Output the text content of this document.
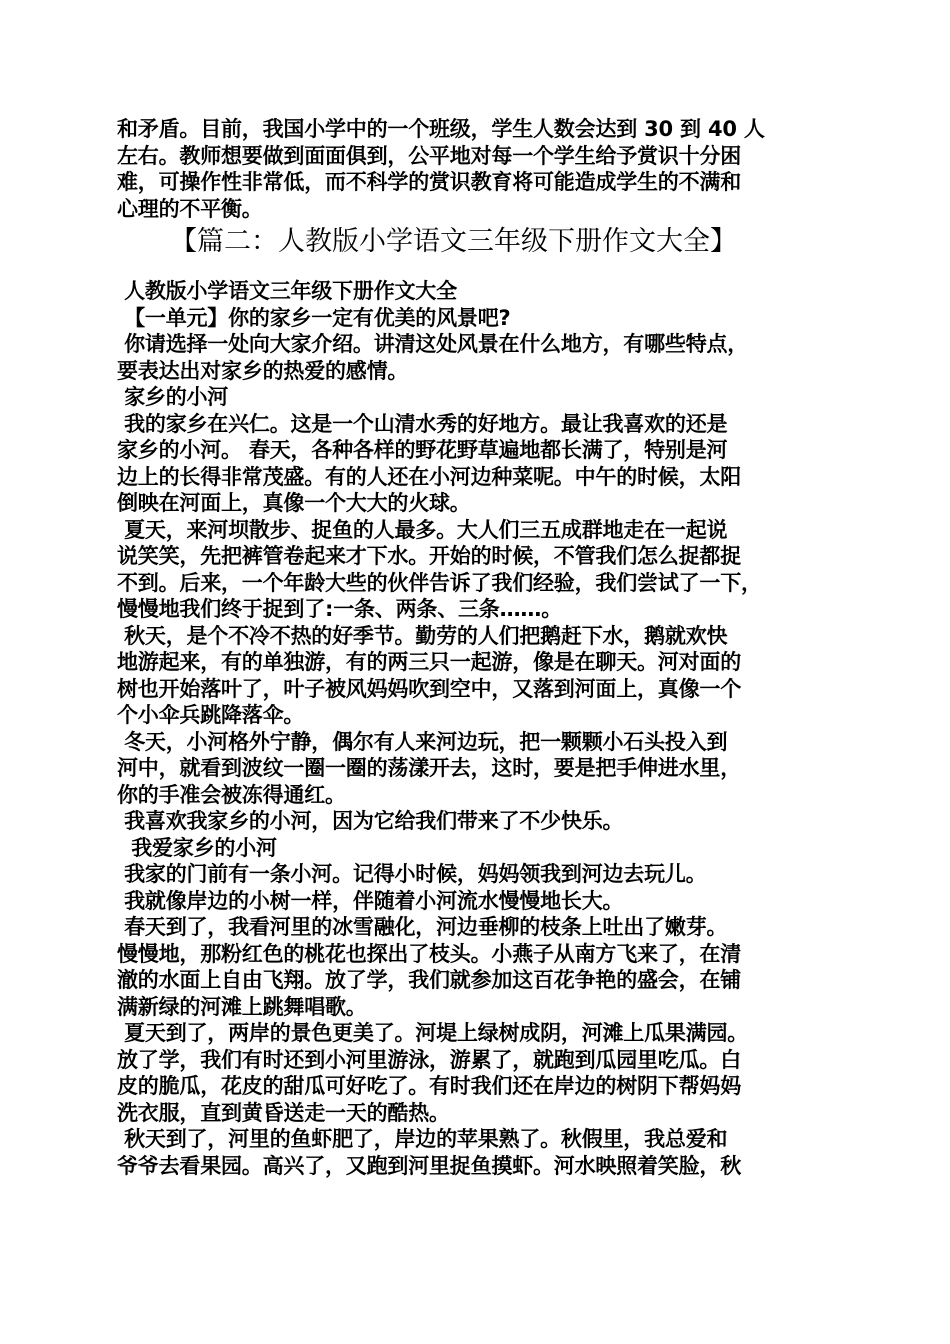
和矛盾。目前，我国小学中的一个班级，学生人数会达到 30 到 40 人
左右。教师想要做到面面俱到，公平地对每一个学生给予赏识十分困
难，可操作性非常低，而不科学的赏识教育将可能造成学生的不满和
心理的不平衡。
【篇二：人教版小学语文三年级下册作文大全】
人教版小学语文三年级下册作文大全
【一单元】你的家乡一定有优美的风景吧?
你请选择一处向大家介绍。讲清这处风景在什么地方，有哪些特点，
要表达出对家乡的热爱的感情。
家乡的小河
我的家乡在兴仁。这是一个山清水秀的好地方。最让我喜欢的还是
家乡的小河。 春天，各种各样的野花野草遍地都长满了，特别是河
边上的长得非常茂盛。有的人还在小河边种菜呢。中午的时候，太阳
倒映在河面上，真像一个大大的火球。
夏天，来河坝散步、捉鱼的人最多。大人们三五成群地走在一起说
说笑笑，先把裤管卷起来才下水。开始的时候，不管我们怎么捉都捉
不到。后来，一个年龄大些的伙伴告诉了我们经验，我们尝试了一下，
慢慢地我们终于捉到了:一条、两条、三条……。
秋天，是个不冷不热的好季节。勤劳的人们把鹅赶下水，鹅就欢快
地游起来，有的单独游，有的两三只一起游，像是在聊天。河对面的
树也开始落叶了，叶子被风妈妈吹到空中，又落到河面上，真像一个
个小伞兵跳降落伞。
冬天，小河格外宁静，偶尔有人来河边玩，把一颗颗小石头投入到
河中，就看到波纹一圈一圈的荡漾开去，这时，要是把手伸进水里，
你的手准会被冻得通红。
我喜欢我家乡的小河，因为它给我们带来了不少快乐。
我爱家乡的小河
我家的门前有一条小河。记得小时候，妈妈领我到河边去玩儿。
我就像岸边的小树一样，伴随着小河流水慢慢地长大。
春天到了，我看河里的冰雪融化，河边垂柳的枝条上吐出了嫩芽。
慢慢地，那粉红色的桃花也探出了枝头。小燕子从南方飞来了，在清
澈的水面上自由飞翔。放了学，我们就参加这百花争艳的盛会，在铺
满新绿的河滩上跳舞唱歌。
夏天到了，两岸的景色更美了。河堤上绿树成阴，河滩上瓜果满园。
放了学，我们有时还到小河里游泳，游累了，就跑到瓜园里吃瓜。白
皮的脆瓜，花皮的甜瓜可好吃了。有时我们还在岸边的树阴下帮妈妈
洗衣服，直到黄昏送走一天的酷热。
秋天到了，河里的鱼虾肥了，岸边的苹果熟了。秋假里，我总爱和
爷爷去看果园。高兴了，又跑到河里捉鱼摸虾。河水映照着笑脸，秋
